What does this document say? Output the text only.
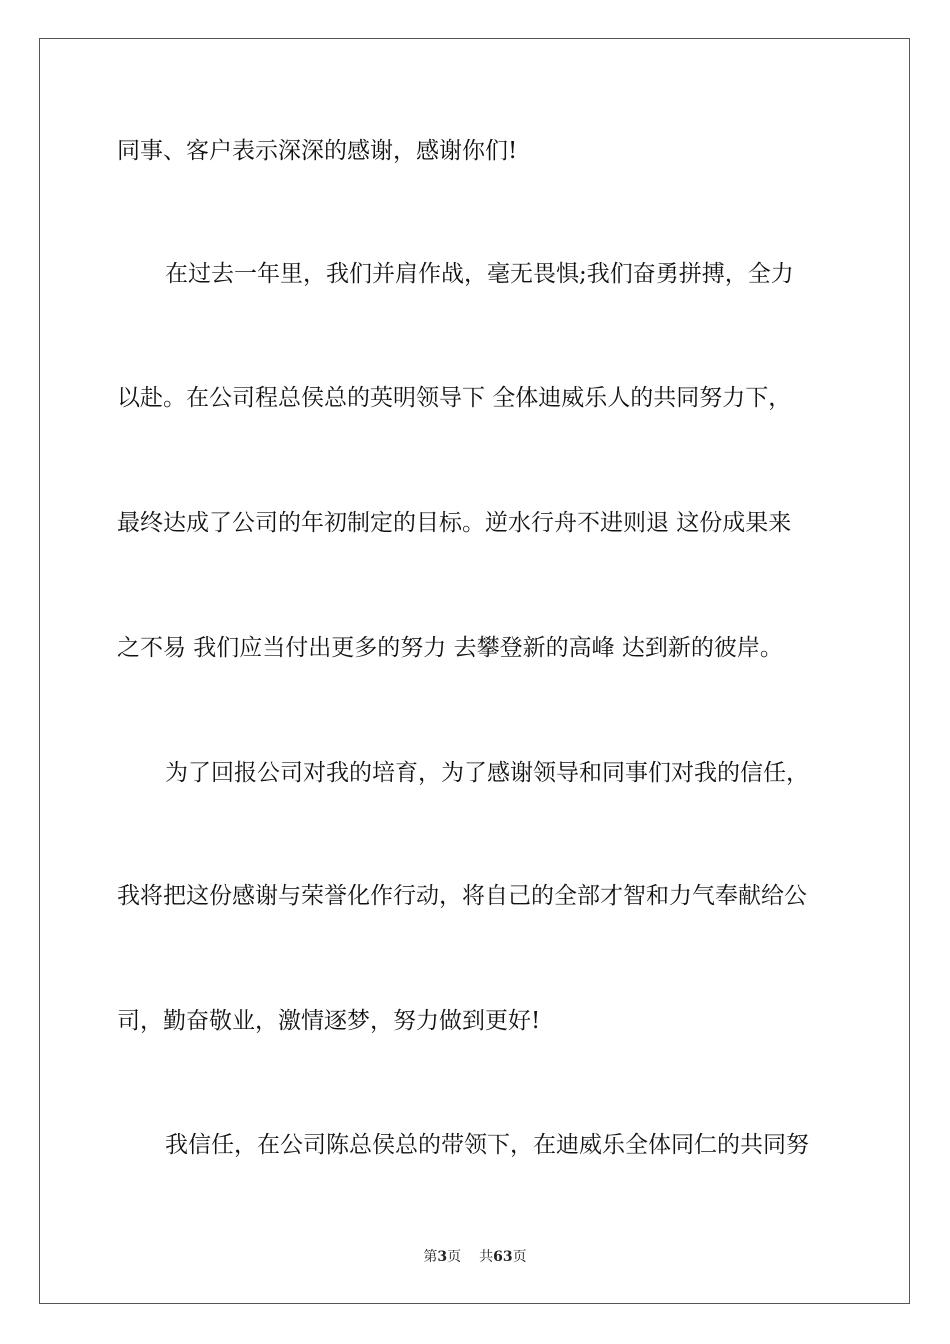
同事、客户表示深深的感谢，感谢你们!
在过去一年里，我们并肩作战，毫无畏惧;我们奋勇拼搏，全力
以赴。在公司程总侯总的英明领导下 全体迪威乐人的共同努力下，
最终达成了公司的年初制定的目标。逆水行舟不进则退 这份成果来
之不易 我们应当付出更多的努力 去攀登新的高峰 达到新的彼岸。
为了回报公司对我的培育，为了感谢领导和同事们对我的信任，
我将把这份感谢与荣誉化作行动，将自己的全部才智和力气奉献给公
司，勤奋敬业，激情逐梦，努力做到更好!
我信任，在公司陈总侯总的带领下，在迪威乐全体同仁的共同努
第3页 共63页
